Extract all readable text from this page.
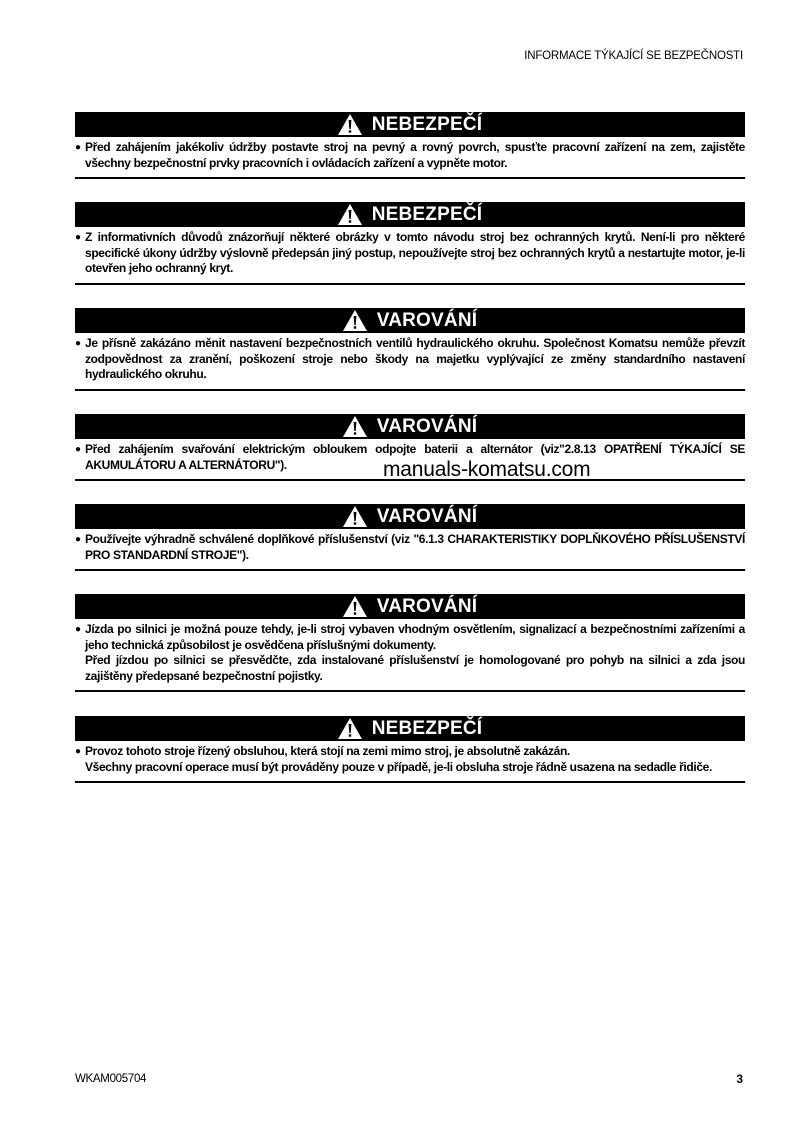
INFORMACE TÝKAJÍCÍ SE BEZPEČNOSTI
NEBEZPEČÍ
● Před zahájením jakékoliv údržby postavte stroj na pevný a rovný povrch, spusťte pracovní zařízení na zem, zajistěte všechny bezpečnostní prvky pracovních i ovládacích zařízení a vypněte motor.
NEBEZPEČÍ
● Z informativních důvodů znázorňují některé obrázky v tomto návodu stroj bez ochranných krytů. Není-li pro některé specifické úkony údržby výslovně předepsán jiný postup, nepoužívejte stroj bez ochranných krytů a nestartujte motor, je-li otevřen jeho ochranný kryt.
VAROVÁNÍ
● Je přísně zakázáno měnit nastavení bezpečnostních ventilů hydraulického okruhu. Společnost Komatsu nemůže převzít zodpovědnost za zranění, poškození stroje nebo škody na majetku vyplývající ze změny standardního nastavení hydraulického okruhu.
VAROVÁNÍ
● Před zahájením svařování elektrickým obloukem odpojte baterii a alternátor (viz"2.8.13 OPATŘENÍ TÝKAJÍCÍ SE AKUMULÁTORU A ALTERNÁTORU").
VAROVÁNÍ
● Používejte výhradně schválené doplňkové příslušenství (viz "6.1.3 CHARAKTERISTIKY DOPLŇKOVÉHO PŘÍSLUŠENSTVÍ PRO STANDARDNÍ STROJE").
VAROVÁNÍ
● Jízda po silnici je možná pouze tehdy, je-li stroj vybaven vhodným osvětlením, signalizací a bezpečnostními zařízeními a jeho technická způsobilost je osvědčena příslušnými dokumenty.
Před jízdou po silnici se přesvědčte, zda instalované příslušenství je homologované pro pohyb na silnici a zda jsou zajištěny předepsané bezpečnostní pojistky.
NEBEZPEČÍ
● Provoz tohoto stroje řízený obsluhou, která stojí na zemi mimo stroj, je absolutně zakázán.
Všechny pracovní operace musí být prováděny pouze v případě, je-li obsluha stroje řádně usazena na sedadle řidiče.
manuals-komatsu.com
WKAM005704	3
